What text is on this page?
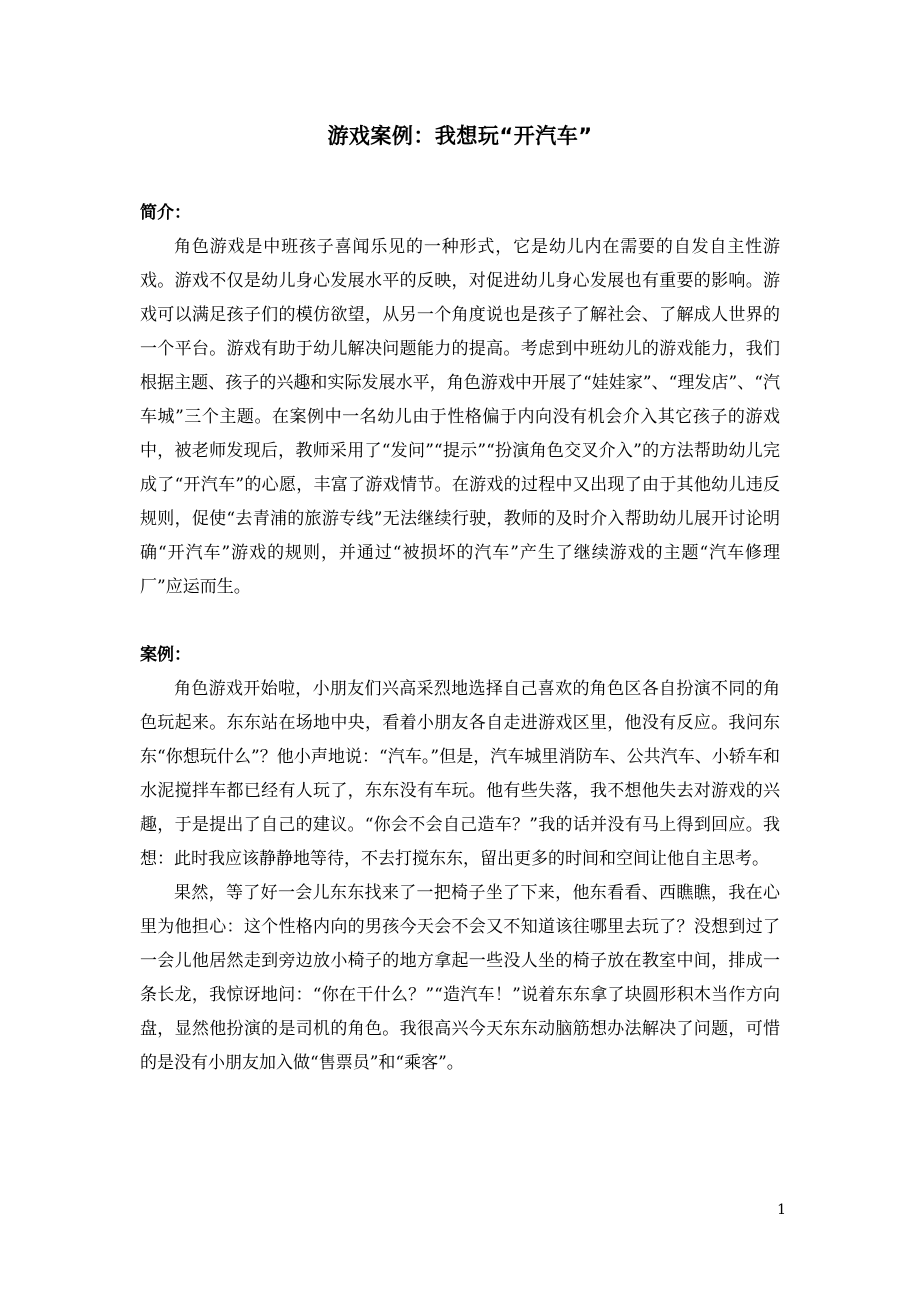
游戏案例：我想玩“开汽车”

简介：

角色游戏是中班孩子喜闻乐见的一种形式，它是幼儿内在需要的自发自主性游戏。游戏不仅是幼儿身心发展水平的反映，对促进幼儿身心发展也有重要的影响。游戏可以满足孩子们的模仿欲望，从另一个角度说也是孩子了解社会、了解成人世界的一个平台。游戏有助于幼儿解决问题能力的提高。考虑到中班幼儿的游戏能力，我们根据主题、孩子的兴趣和实际发展水平，角色游戏中开展了“娃娃家”、“理发店”、“汽车城”三个主题。在案例中一名幼儿由于性格偏于内向没有机会介入其它孩子的游戏中，被老师发现后，教师采用了“发问”“提示”“扮演角色交叉介入”的方法帮助幼儿完成了“开汽车”的心愿，丰富了游戏情节。在游戏的过程中又出现了由于其他幼儿违反规则，促使“去青浦的旅游专线”无法继续行驶，教师的及时介入帮助幼儿展开讨论明确“开汽车”游戏的规则，并通过“被损坏的汽车”产生了继续游戏的主题“汽车修理厂”应运而生。

案例：

角色游戏开始啦，小朋友们兴高采烈地选择自己喜欢的角色区各自扮演不同的角色玩起来。东东站在场地中央，看着小朋友各自走进游戏区里，他没有反应。我问东东“你想玩什么”？他小声地说：“汽车。”但是，汽车城里消防车、公共汽车、小轿车和水泥搅拌车都已经有人玩了，东东没有车玩。他有些失落，我不想他失去对游戏的兴趣，于是提出了自己的建议。“你会不会自己造车？”我的话并没有马上得到回应。我想：此时我应该静静地等待，不去打搅东东，留出更多的时间和空间让他自主思考。

果然，等了好一会儿东东找来了一把椅子坐了下来，他东看看、西瞧瞧，我在心里为他担心：这个性格内向的男孩今天会不会又不知道该往哪里去玩了？没想到过了一会儿他居然走到旁边放小椅子的地方拿起一些没人坐的椅子放在教室中间，排成一条长龙，我惊讶地问：“你在干什么？”“造汽车！”说着东东拿了块圆形积木当作方向盘，显然他扮演的是司机的角色。我很高兴今天东东动脑筋想办法解决了问题，可惜的是没有小朋友加入做“售票员”和“乘客”。

1
